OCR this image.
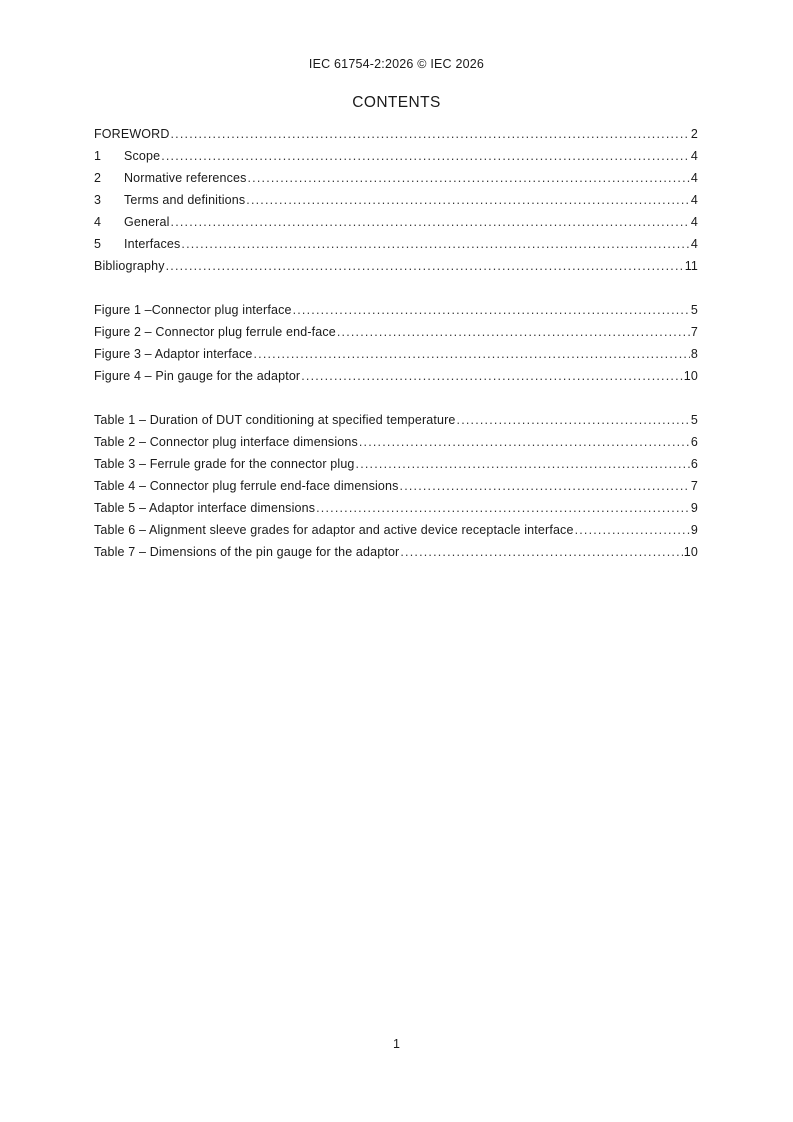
IEC 61754-2:2026 © IEC 2026
CONTENTS
FOREWORD .....	2
1	Scope .....	4
2	Normative references .....	4
3	Terms and definitions .....	4
4	General .....	4
5	Interfaces .....	4
Bibliography .....	11
Figure 1 –Connector plug interface .....	5
Figure 2 – Connector plug ferrule end-face .....	7
Figure 3 – Adaptor interface .....	8
Figure 4 – Pin gauge for the adaptor .....	10
Table 1 – Duration of DUT conditioning at specified temperature .....	5
Table 2 – Connector plug interface dimensions .....	6
Table 3 – Ferrule grade for the connector plug .....	6
Table 4 – Connector plug ferrule end-face dimensions .....	7
Table 5 – Adaptor interface dimensions .....	9
Table 6 – Alignment sleeve grades for adaptor and active device receptacle interface .....	9
Table 7 – Dimensions of the pin gauge for the adaptor .....	10
1
